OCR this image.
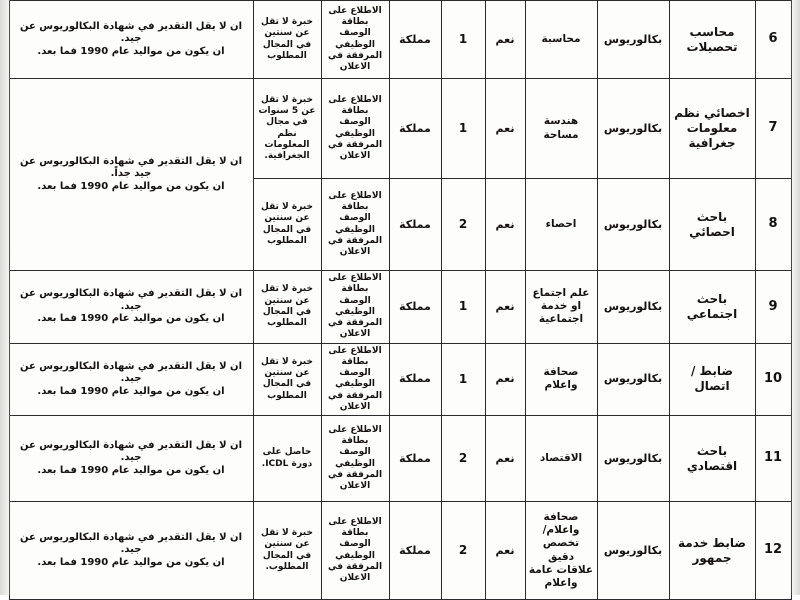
6	محاسب تحصيلات	بكالوريوس	محاسبة	نعم	1	مملكة	الاطلاع على بطاقة الوصف الوظيفي المرفقة في الاعلان	خبرة لا تقل عن سنتين في المجال المطلوب	ان لا يقل التقدير في شهادة البكالوريوس عن جيد.
ان يكون من مواليد عام 1990 فما بعد.

7	اخصائي نظم معلومات جغرافية	بكالوريوس	هندسة مساحة	نعم	1	مملكة	الاطلاع على بطاقة الوصف الوظيفي المرفقة في الاعلان	خبرة لا تقل عن 5 سنوات في مجال نظم المعلومات الجغرافية.	ان لا يقل التقدير في شهادة البكالوريوس عن جيد جداً.
ان يكون من مواليد عام 1990 فما بعد.

8	باحث احصائي	بكالوريوس	احصاء	نعم	2	مملكة	الاطلاع على بطاقة الوصف الوظيفي المرفقة في الاعلان	خبرة لا تقل عن سنتين في المجال المطلوب	
9	باحث اجتماعي	بكالوريوس	علم اجتماع او خدمة اجتماعية	نعم	1	مملكة	الاطلاع على بطاقة الوصف الوظيفي المرفقة في الاعلان	خبرة لا تقل عن سنتين في المجال المطلوب	ان لا يقل التقدير في شهادة البكالوريوس عن جيد.
ان يكون من مواليد عام 1990 فما بعد.

10	ضابط / اتصال	بكالوريوس	صحافة واعلام	نعم	1	مملكة	الاطلاع على بطاقة الوصف الوظيفي المرفقة في الاعلان	خبرة لا تقل عن سنتين في المجال المطلوب	ان لا يقل التقدير في شهادة البكالوريوس عن جيد.
ان يكون من مواليد عام 1990 فما بعد.

11	باحث اقتصادي	بكالوريوس	الاقتصاد	نعم	2	مملكة	الاطلاع على بطاقة الوصف الوظيفي المرفقة في الاعلان	حاصل على دورة ICDL.	ان لا يقل التقدير في شهادة البكالوريوس عن جيد.
ان يكون من مواليد عام 1990 فما بعد.

12	ضابط خدمة جمهور	بكالوريوس	صحافة واعلام/ تخصص دقيق علاقات عامة واعلام	نعم	2	مملكة	الاطلاع على بطاقة الوصف الوظيفي المرفقة في الاعلان	خبرة لا تقل عن سنتين في المجال المطلوب.	ان لا يقل التقدير في شهادة البكالوريوس عن جيد.
ان يكون من مواليد عام 1990 فما بعد.
